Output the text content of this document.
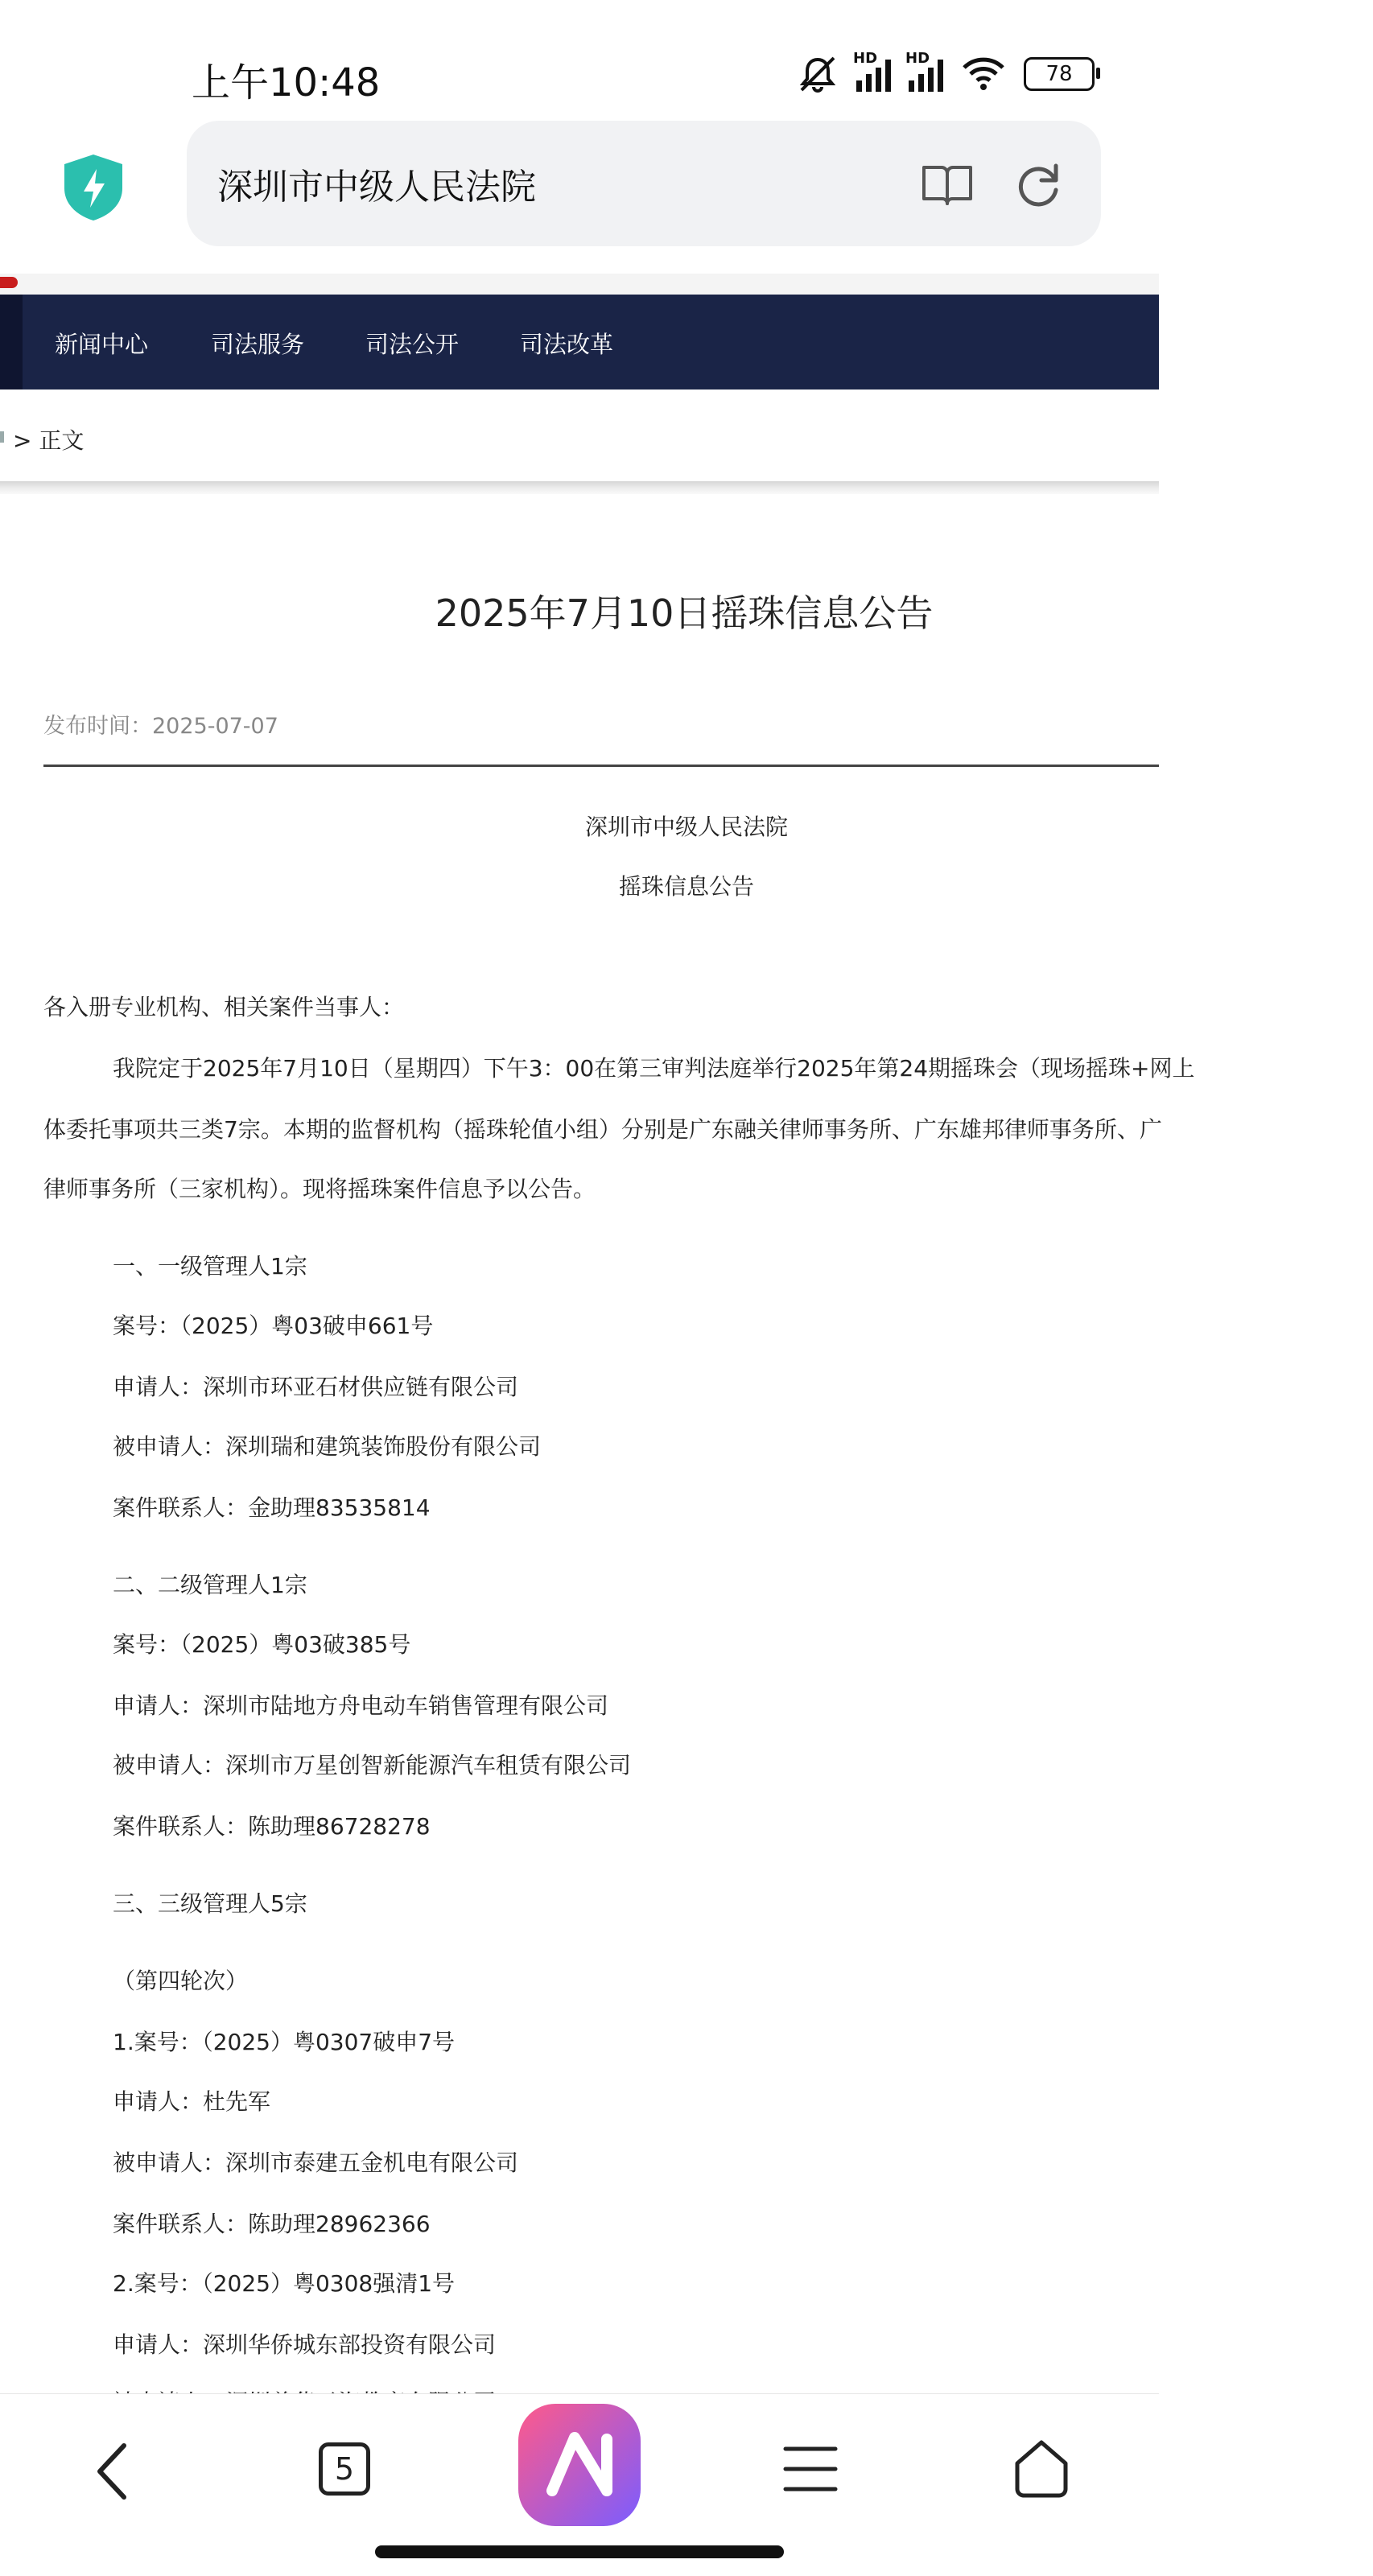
上午10:48
HD HD
78
深圳市中级人民法院
新闻中心	司法服务	司法公开	司法改革
> 正文
2025年7月10日摇珠信息公告
发布时间：2025-07-07
深圳市中级人民法院
摇珠信息公告
各入册专业机构、相关案件当事人：
我院定于2025年7月10日（星期四）下午3：00在第三审判法庭举行2025年第24期摇珠会（现场摇珠+网上
体委托事项共三类7宗。本期的监督机构（摇珠轮值小组）分别是广东融关律师事务所、广东雄邦律师事务所、广
律师事务所（三家机构）。现将摇珠案件信息予以公告。
一、一级管理人1宗
案号：（2025）粤03破申661号
申请人：深圳市环亚石材供应链有限公司
被申请人：深圳瑞和建筑装饰股份有限公司
案件联系人：金助理83535814
二、二级管理人1宗
案号：（2025）粤03破385号
申请人：深圳市陆地方舟电动车销售管理有限公司
被申请人：深圳市万星创智新能源汽车租赁有限公司
案件联系人：陈助理86728278
三、三级管理人5宗
（第四轮次）
1.案号：（2025）粤0307破申7号
申请人：杜先军
被申请人：深圳市泰建五金机电有限公司
案件联系人：陈助理28962366
2.案号：（2025）粤0308强清1号
申请人：深圳华侨城东部投资有限公司
5
